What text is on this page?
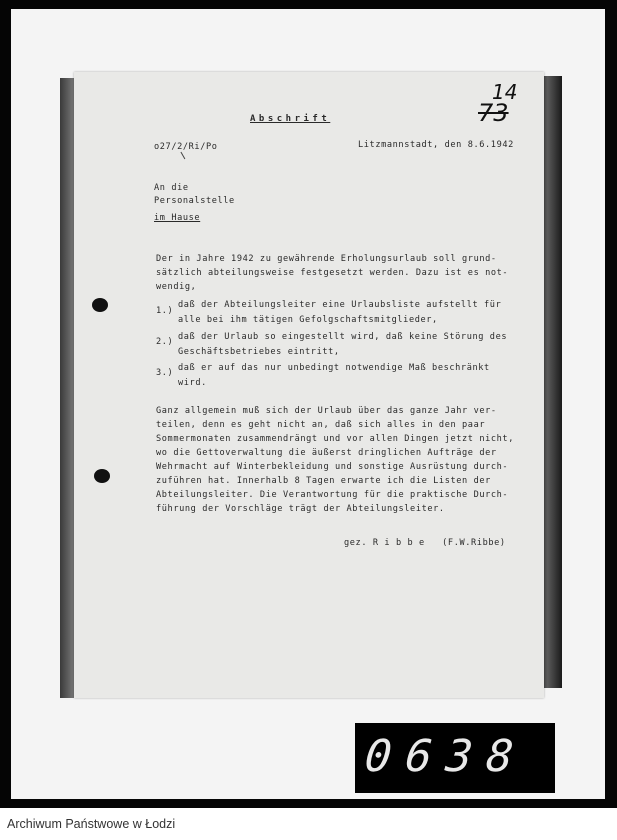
14
73
Abschrift
o27/2/Ri/Po	Litzmannstadt, den 8.6.1942
An die
Personalstelle
im Hause
Der in Jahre 1942 zu gewährende Erholungsurlaub soll grund-
sätzlich abteilungsweise festgesetzt werden. Dazu ist es not-
wendig,
1.)
daß der Abteilungsleiter eine Urlaubsliste aufstellt für
alle bei ihm tätigen Gefolgschaftsmitglieder,
2.) daß der Urlaub so eingestellt wird, daß keine Störung des
Geschäftsbetriebes eintritt,
3.) daß er auf das nur unbedingt notwendige Maß beschränkt
wird.
Ganz allgemein muß sich der Urlaub über das ganze Jahr ver-
teilen, denn es geht nicht an, daß sich alles in den paar
Sommermonaten zusammendrängt und vor allen Dingen jetzt nicht,
wo die Gettoverwaltung die äußerst dringlichen Aufträge der
Wehrmacht auf Winterbekleidung und sonstige Ausrüstung durch-
zuführen hat. Innerhalb 8 Tagen erwarte ich die Listen der
Abteilungsleiter. Die Verantwortung für die praktische Durch-
führung der Vorschläge trägt der Abteilungsleiter.
gez. R i b b e   (F.W.Ribbe)
0638
Archiwum Państwowe w Łodzi
